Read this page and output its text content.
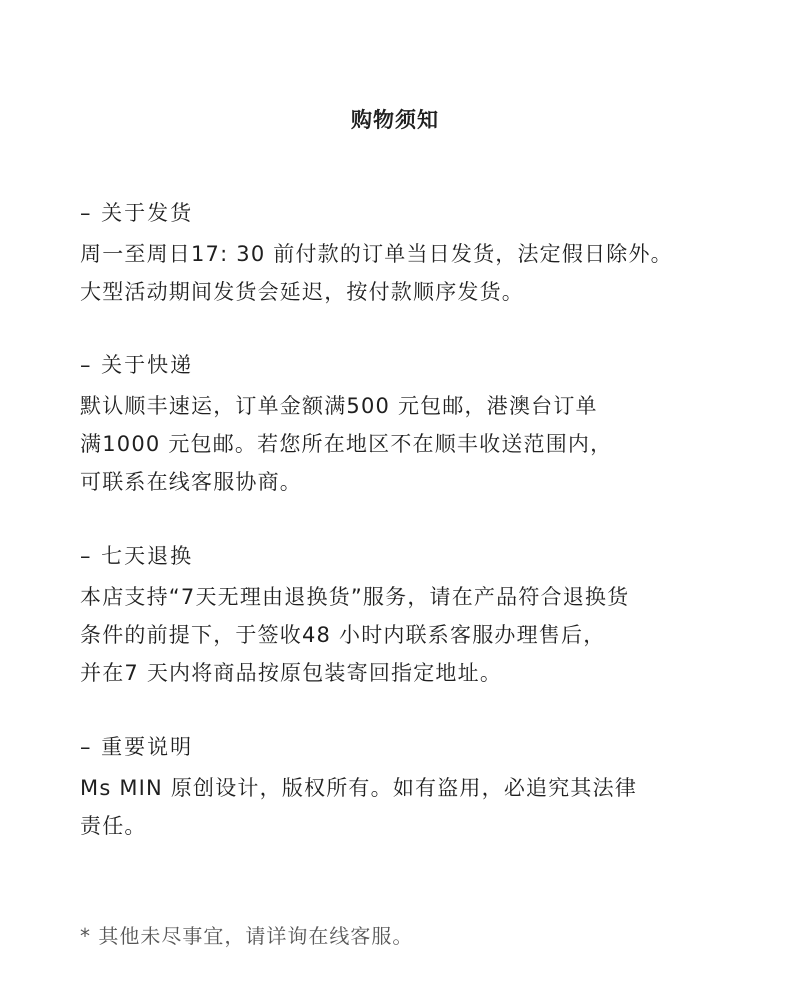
购物须知
– 关于发货
周一至周日17: 30 前付款的订单当日发货，法定假日除外。
大型活动期间发货会延迟，按付款顺序发货。
– 关于快递
默认顺丰速运，订单金额满500 元包邮，港澳台订单
满1000 元包邮。若您所在地区不在顺丰收送范围内，
可联系在线客服协商。
– 七天退换
本店支持“7天无理由退换货”服务，请在产品符合退换货
条件的前提下，于签收48 小时内联系客服办理售后，
并在7 天内将商品按原包装寄回指定地址。
– 重要说明
Ms MIN 原创设计，版权所有。如有盗用，必追究其法律
责任。
* 其他未尽事宜，请详询在线客服。
